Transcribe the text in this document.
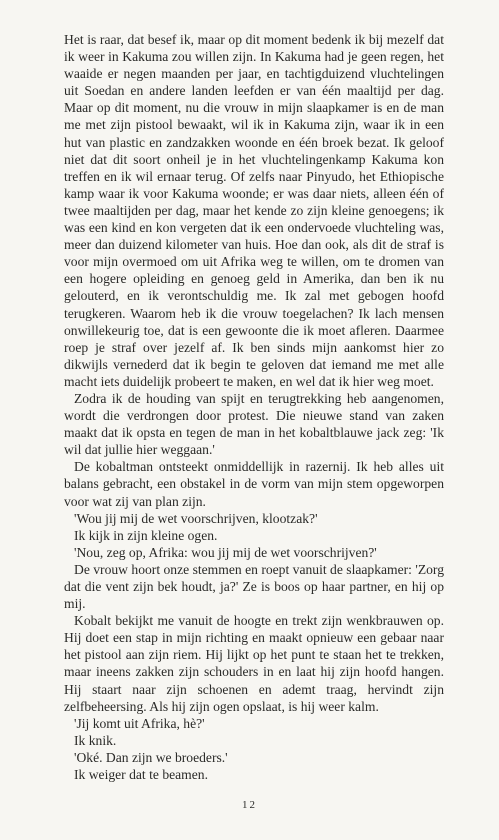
Het is raar, dat besef ik, maar op dit moment bedenk ik bij mezelf dat ik weer in Kakuma zou willen zijn. In Kakuma had je geen regen, het waaide er negen maanden per jaar, en tachtigduizend vluchtelingen uit Soedan en andere landen leefden er van één maaltijd per dag. Maar op dit moment, nu die vrouw in mijn slaapkamer is en de man me met zijn pistool bewaakt, wil ik in Kakuma zijn, waar ik in een hut van plastic en zandzakken woonde en één broek bezat. Ik geloof niet dat dit soort onheil je in het vluchtelingenkamp Kakuma kon treffen en ik wil ernaar terug. Of zelfs naar Pinyudo, het Ethiopische kamp waar ik voor Kakuma woonde; er was daar niets, alleen één of twee maaltijden per dag, maar het kende zo zijn kleine genoegens; ik was een kind en kon vergeten dat ik een ondervoede vluchteling was, meer dan duizend kilometer van huis. Hoe dan ook, als dit de straf is voor mijn overmoed om uit Afrika weg te willen, om te dromen van een hogere opleiding en genoeg geld in Amerika, dan ben ik nu gelouterd, en ik verontschuldig me. Ik zal met gebogen hoofd terugkeren. Waarom heb ik die vrouw toegelachen? Ik lach mensen onwillekeurig toe, dat is een gewoonte die ik moet afleren. Daarmee roep je straf over jezelf af. Ik ben sinds mijn aankomst hier zo dikwijls vernederd dat ik begin te geloven dat iemand me met alle macht iets duidelijk probeert te maken, en wel dat ik hier weg moet.

Zodra ik de houding van spijt en terugtrekking heb aangenomen, wordt die verdrongen door protest. Die nieuwe stand van zaken maakt dat ik opsta en tegen de man in het kobaltblauwe jack zeg: 'Ik wil dat jullie hier weggaan.'

De kobaltman ontsteekt onmiddellijk in razernij. Ik heb alles uit balans gebracht, een obstakel in de vorm van mijn stem opgeworpen voor wat zij van plan zijn.

'Wou jij mij de wet voorschrijven, klootzak?'

Ik kijk in zijn kleine ogen.

'Nou, zeg op, Afrika: wou jij mij de wet voorschrijven?'

De vrouw hoort onze stemmen en roept vanuit de slaapkamer: 'Zorg dat die vent zijn bek houdt, ja?' Ze is boos op haar partner, en hij op mij.

Kobalt bekijkt me vanuit de hoogte en trekt zijn wenkbrauwen op. Hij doet een stap in mijn richting en maakt opnieuw een gebaar naar het pistool aan zijn riem. Hij lijkt op het punt te staan het te trekken, maar ineens zakken zijn schouders in en laat hij zijn hoofd hangen. Hij staart naar zijn schoenen en ademt traag, hervindt zijn zelfbeheersing. Als hij zijn ogen opslaat, is hij weer kalm.

'Jij komt uit Afrika, hè?'

Ik knik.

'Oké. Dan zijn we broeders.'

Ik weiger dat te beamen.

12
